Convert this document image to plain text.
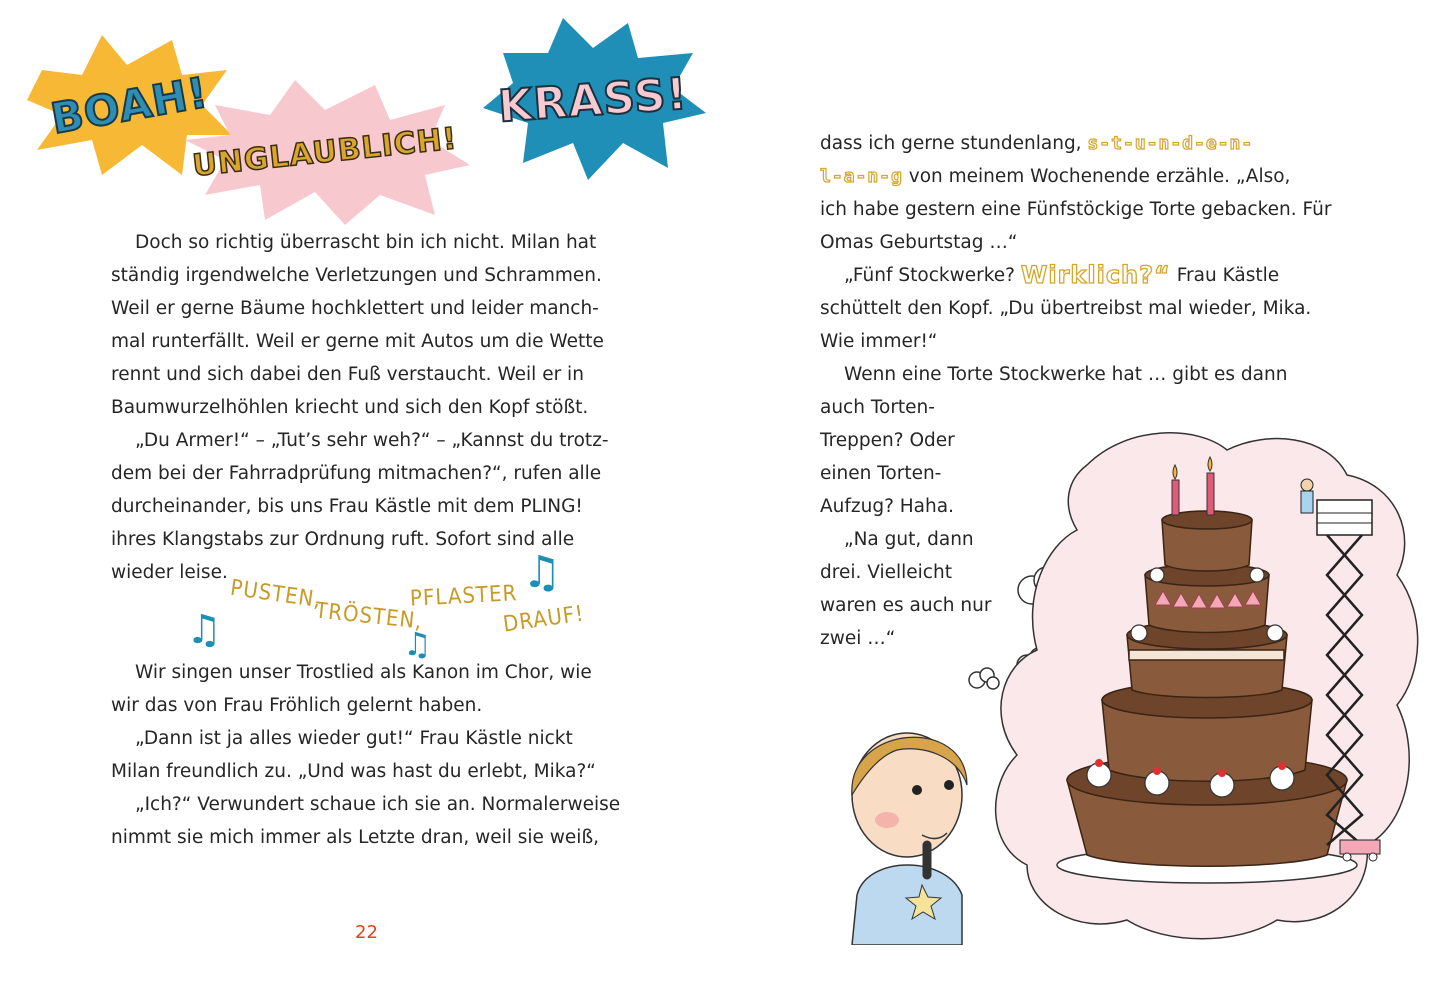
BOAH!
UNGLAUBLICH!
KRASS!
Doch so richtig überrascht bin ich nicht. Milan hat
ständig irgendwelche Verletzungen und Schrammen.
Weil er gerne Bäume hochklettert und leider manch-
mal runterfällt. Weil er gerne mit Autos um die Wette
rennt und sich dabei den Fuß verstaucht. Weil er in
Baumwurzelhöhlen kriecht und sich den Kopf stößt.
„Du Armer!“ – „Tut’s sehr weh?“ – „Kannst du trotz-
dem bei der Fahrradprüfung mitmachen?“, rufen alle
durcheinander, bis uns Frau Kästle mit dem PLING!
ihres Klangstabs zur Ordnung ruft. Sofort sind alle
wieder leise.
♫
PUSTEN,
TRÖSTEN,
♫
PFLASTER ♫
DRAUF!
Wir singen unser Trostlied als Kanon im Chor, wie
wir das von Frau Fröhlich gelernt haben.
„Dann ist ja alles wieder gut!“ Frau Kästle nickt
Milan freundlich zu. „Und was hast du erlebt, Mika?“
„Ich?“ Verwundert schaue ich sie an. Normalerweise
nimmt sie mich immer als Letzte dran, weil sie weiß,
22
dass ich gerne stundenlang, s-t-u-n-d-e-n-
l-a-n-g von meinem Wochenende erzähle. „Also,
ich habe gestern eine Fünfstöckige Torte gebacken. Für
Omas Geburtstag …“
„Fünf Stockwerke? Wirklich?“ Frau Kästle
schüttelt den Kopf. „Du übertreibst mal wieder, Mika.
Wie immer!“
Wenn eine Torte Stockwerke hat … gibt es dann
auch Torten-
Treppen? Oder
einen Torten-
Aufzug? Haha.
„Na gut, dann
drei. Vielleicht
waren es auch nur
zwei …“
